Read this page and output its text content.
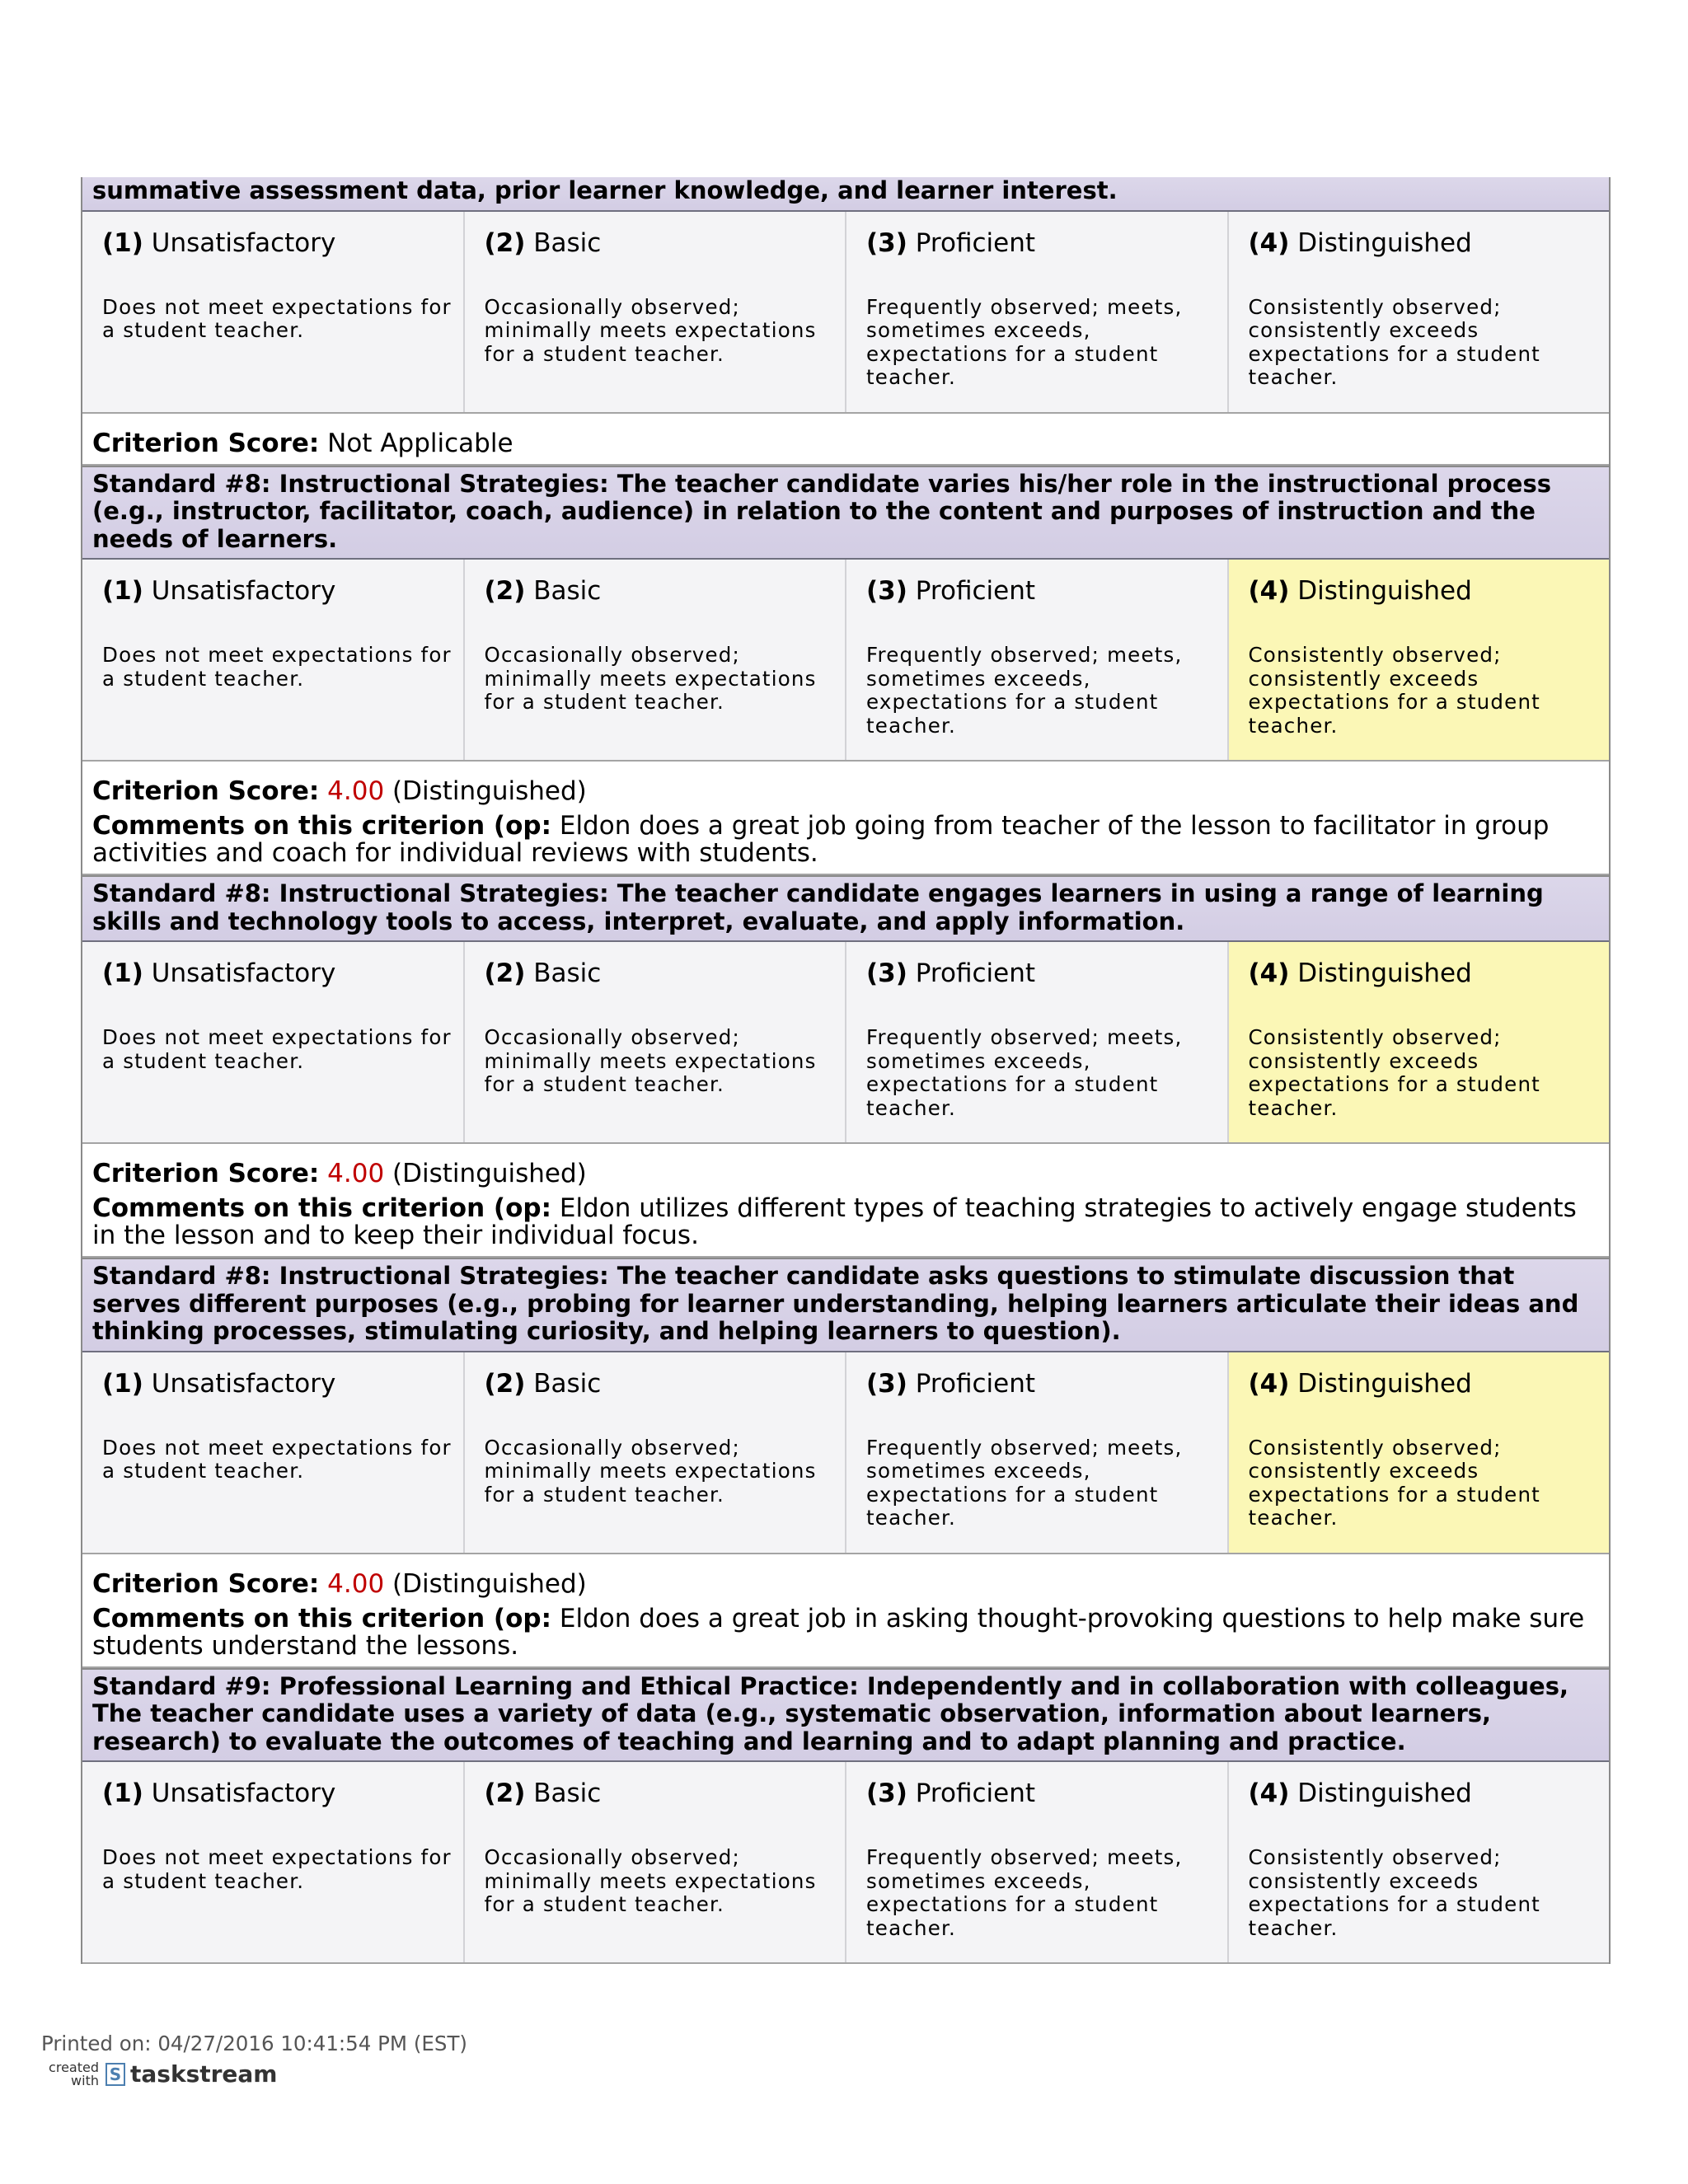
summative assessment data, prior learner knowledge, and learner interest.
(1) Unsatisfactory
Does not meet expectations for a student teacher.
(2) Basic
Occasionally observed; minimally meets expectations for a student teacher.
(3) Proficient
Frequently observed; meets, sometimes exceeds, expectations for a student teacher.
(4) Distinguished
Consistently observed; consistently exceeds expectations for a student teacher.
Criterion Score: Not Applicable
Standard #8: Instructional Strategies: The teacher candidate varies his/her role in the instructional process (e.g., instructor, facilitator, coach, audience) in relation to the content and purposes of instruction and the needs of learners.
(1) Unsatisfactory
Does not meet expectations for a student teacher.
(2) Basic
Occasionally observed; minimally meets expectations for a student teacher.
(3) Proficient
Frequently observed; meets, sometimes exceeds, expectations for a student teacher.
(4) Distinguished
Consistently observed; consistently exceeds expectations for a student teacher.
Criterion Score: 4.00 (Distinguished)
Comments on this criterion (op: Eldon does a great job going from teacher of the lesson to facilitator in group activities and coach for individual reviews with students.
Standard #8: Instructional Strategies: The teacher candidate engages learners in using a range of learning skills and technology tools to access, interpret, evaluate, and apply information.
(1) Unsatisfactory
Does not meet expectations for a student teacher.
(2) Basic
Occasionally observed; minimally meets expectations for a student teacher.
(3) Proficient
Frequently observed; meets, sometimes exceeds, expectations for a student teacher.
(4) Distinguished
Consistently observed; consistently exceeds expectations for a student teacher.
Criterion Score: 4.00 (Distinguished)
Comments on this criterion (op: Eldon utilizes different types of teaching strategies to actively engage students in the lesson and to keep their individual focus.
Standard #8: Instructional Strategies: The teacher candidate asks questions to stimulate discussion that serves different purposes (e.g., probing for learner understanding, helping learners articulate their ideas and thinking processes, stimulating curiosity, and helping learners to question).
(1) Unsatisfactory
Does not meet expectations for a student teacher.
(2) Basic
Occasionally observed; minimally meets expectations for a student teacher.
(3) Proficient
Frequently observed; meets, sometimes exceeds, expectations for a student teacher.
(4) Distinguished
Consistently observed; consistently exceeds expectations for a student teacher.
Criterion Score: 4.00 (Distinguished)
Comments on this criterion (op: Eldon does a great job in asking thought-provoking questions to help make sure students understand the lessons.
Standard #9: Professional Learning and Ethical Practice: Independently and in collaboration with colleagues, The teacher candidate uses a variety of data (e.g., systematic observation, information about learners, research) to evaluate the outcomes of teaching and learning and to adapt planning and practice.
(1) Unsatisfactory
Does not meet expectations for a student teacher.
(2) Basic
Occasionally observed; minimally meets expectations for a student teacher.
(3) Proficient
Frequently observed; meets, sometimes exceeds, expectations for a student teacher.
(4) Distinguished
Consistently observed; consistently exceeds expectations for a student teacher.
Printed on: 04/27/2016 10:41:54 PM (EST)
created with S taskstream
